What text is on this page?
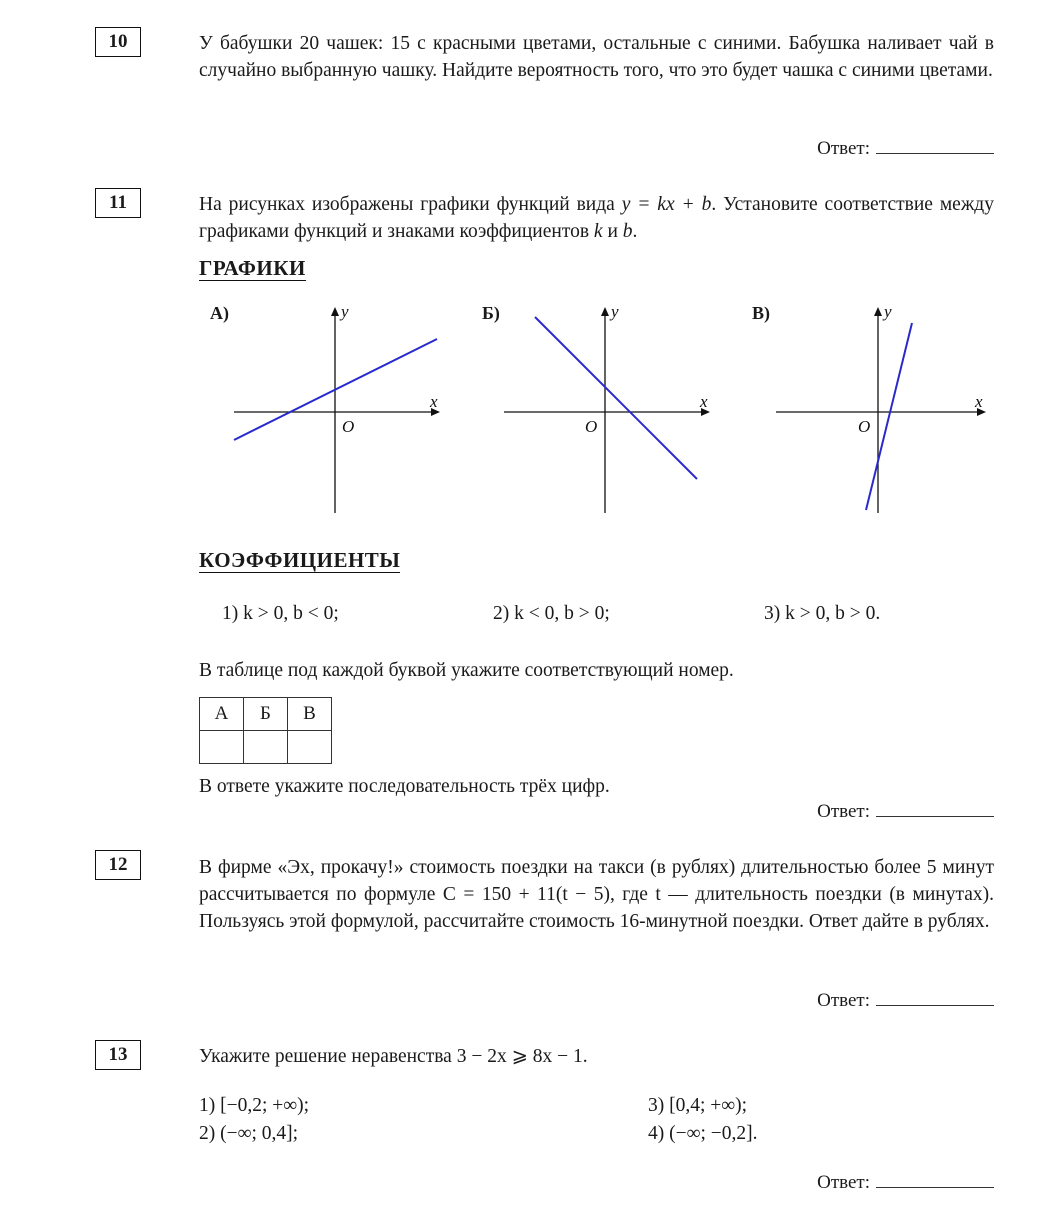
10	У бабушки 20 чашек: 15 с красными цветами, остальные с синими. Бабушка наливает чай в случайно выбранную чашку. Найдите вероятность того, что это будет чашка с синими цветами.

Ответ:
11	На рисунках изображены графики функций вида y = kx + b. Установите соответствие между графиками функций и знаками коэффициентов k и b.

ГРАФИКИ
А)
x
y
O
Б)
x
y
O
В)
x
y
O
КОЭФФИЦИЕНТЫ
1) k > 0, b < 0;	2) k < 0, b > 0;	3) k > 0, b > 0.

В таблице под каждой буквой укажите соответствующий номер.

А	Б	В

В ответе укажите последовательность трёх цифр.

Ответ:
12	В фирме «Эх, прокачу!» стоимость поездки на такси (в рублях) длительностью более 5 минут рассчитывается по формуле C = 150 + 11(t − 5), где t — длительность поездки (в минутах). Пользуясь этой формулой, рассчитайте стоимость 16-минутной поездки. Ответ дайте в рублях.

Ответ:
13	Укажите решение неравенства 3 − 2x ⩾ 8x − 1.

1) [−0,2; +∞);
2) (−∞; 0,4];
3) [0,4; +∞);
4) (−∞; −0,2].
Ответ:
